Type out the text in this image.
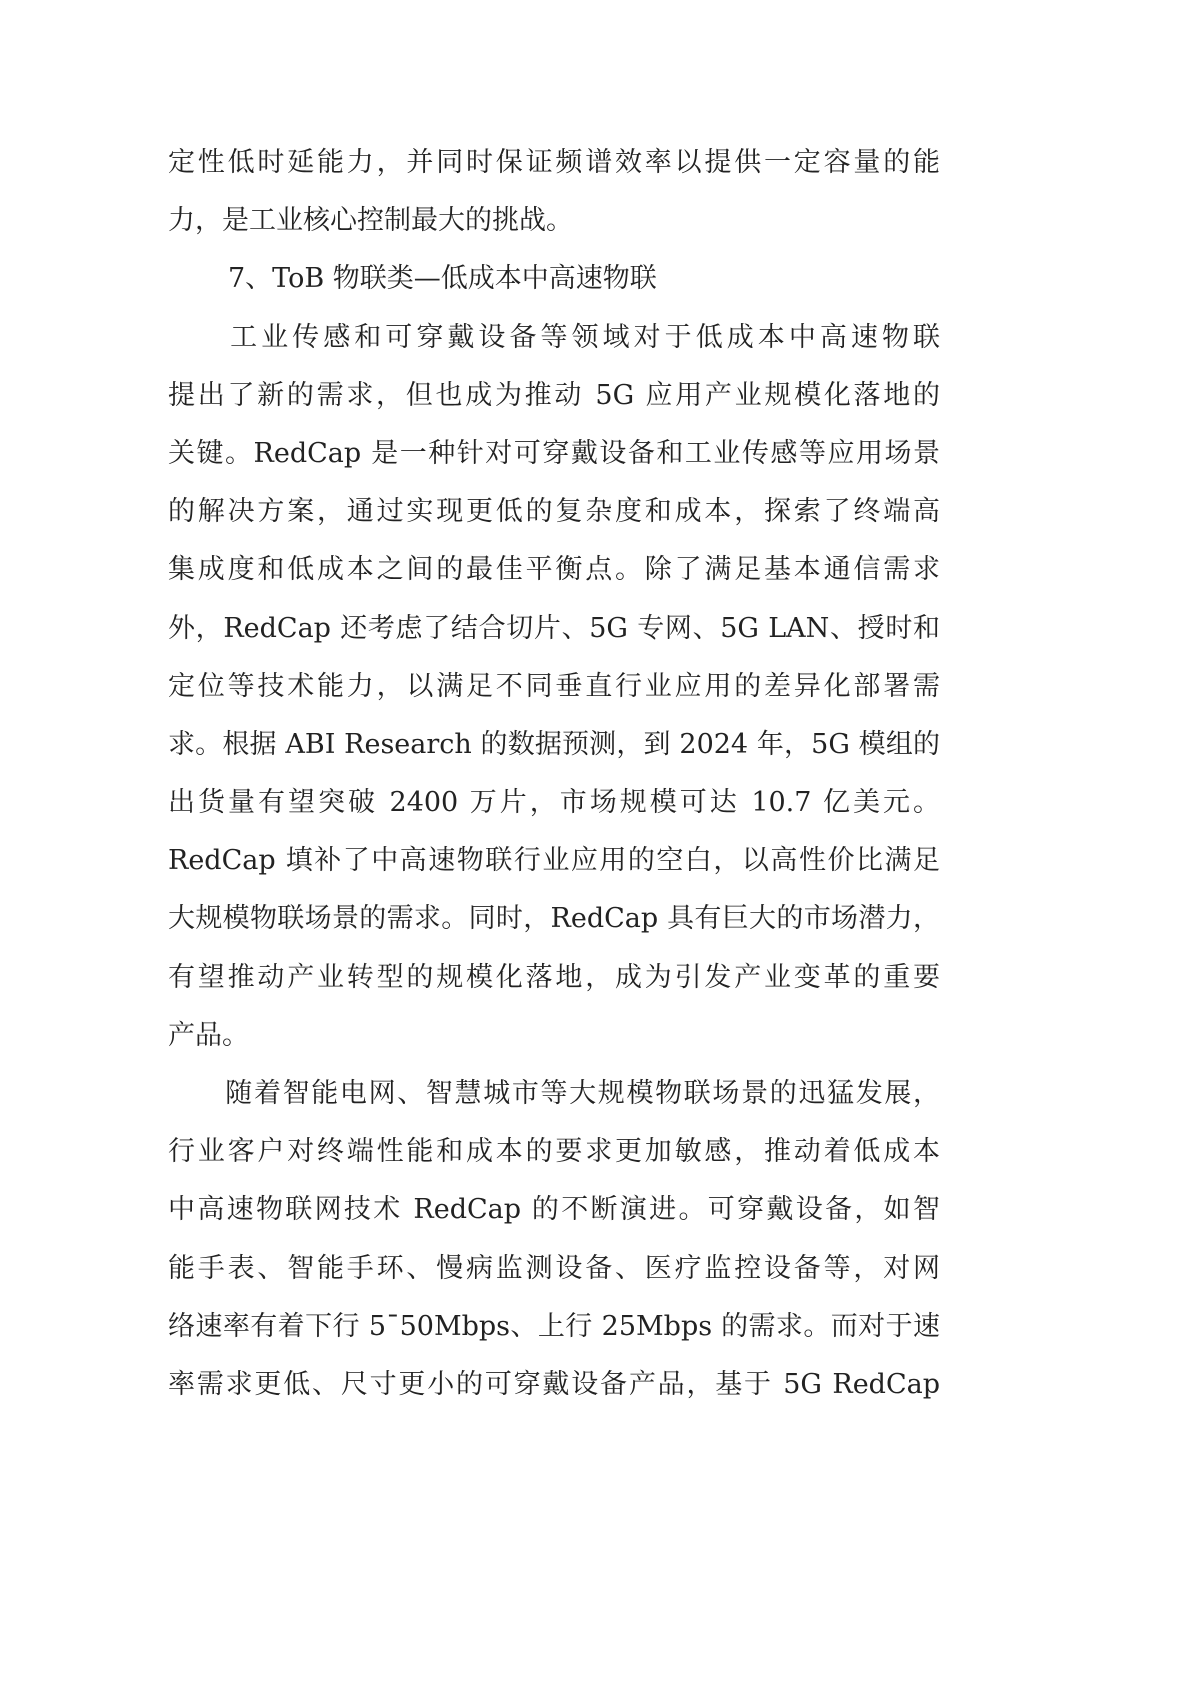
定性低时延能力，并同时保证频谱效率以提供一定容量的能
力，是工业核心控制最大的挑战。
7、ToB 物联类—低成本中高速物联
　　工业传感和可穿戴设备等领域对于低成本中高速物联
提出了新的需求，但也成为推动 5G 应用产业规模化落地的
关键。RedCap 是一种针对可穿戴设备和工业传感等应用场景
的解决方案，通过实现更低的复杂度和成本，探索了终端高
集成度和低成本之间的最佳平衡点。除了满足基本通信需求
外，RedCap 还考虑了结合切片、5G 专网、5G LAN、授时和
定位等技术能力，以满足不同垂直行业应用的差异化部署需
求。根据 ABI Research 的数据预测，到 2024 年，5G 模组的
出货量有望突破 2400 万片，市场规模可达 10.7 亿美元。
RedCap 填补了中高速物联行业应用的空白，以高性价比满足
大规模物联场景的需求。同时，RedCap 具有巨大的市场潜力，
有望推动产业转型的规模化落地，成为引发产业变革的重要
产品。
　　随着智能电网、智慧城市等大规模物联场景的迅猛发展，
行业客户对终端性能和成本的要求更加敏感，推动着低成本
中高速物联网技术 RedCap 的不断演进。可穿戴设备，如智
能手表、智能手环、慢病监测设备、医疗监控设备等，对网
络速率有着下行 5¯50Mbps、上行 25Mbps 的需求。而对于速
率需求更低、尺寸更小的可穿戴设备产品，基于 5G RedCap
